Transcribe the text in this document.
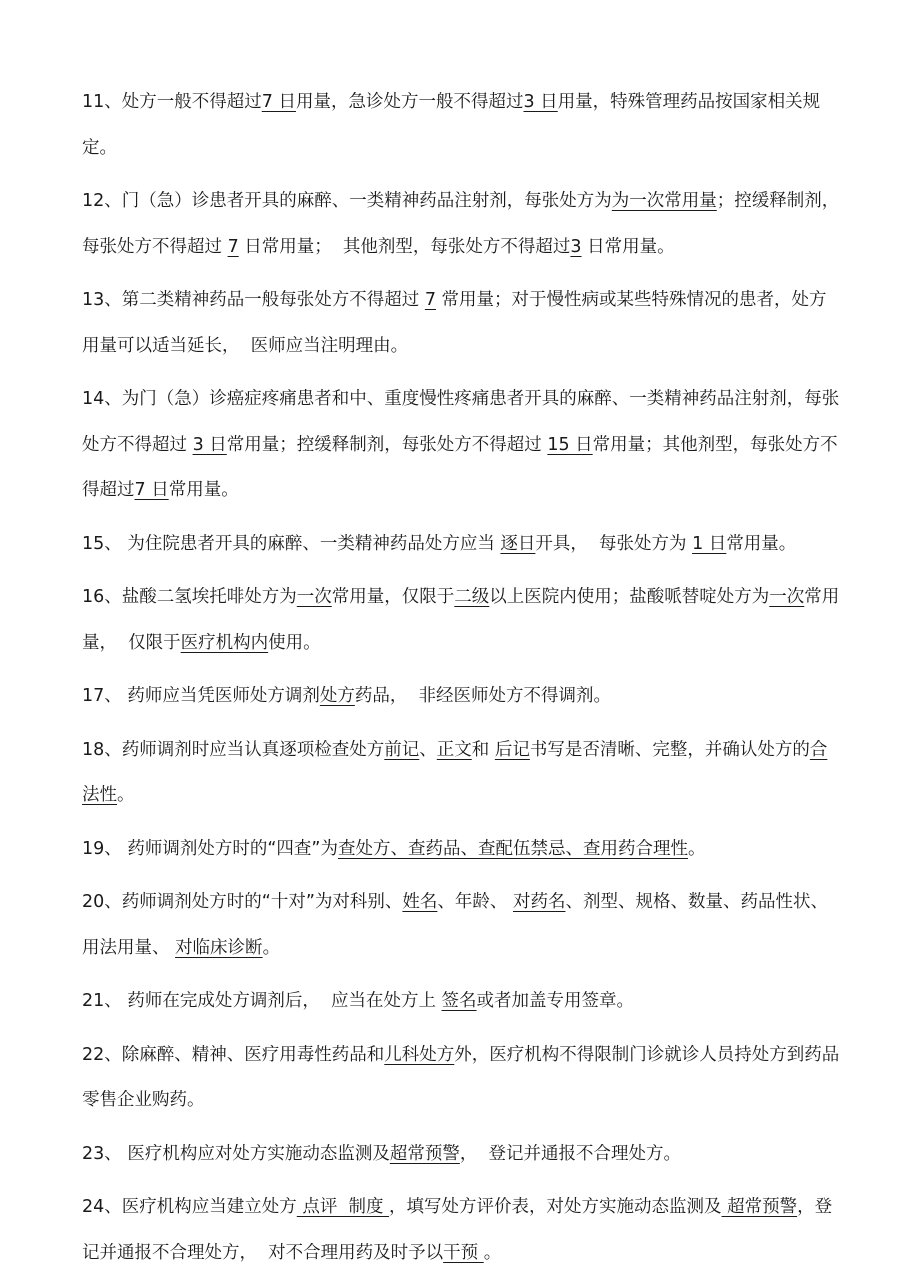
11、处方一般不得超过7 日用量，急诊处方一般不得超过3 日用量，特殊管理药品按国家相关规定。

12、门（急）诊患者开具的麻醉、一类精神药品注射剂，每张处方为为一次常用量；控缓释制剂，每张处方不得超过 7 日常用量；  其他剂型，每张处方不得超过3 日常用量。

13、第二类精神药品一般每张处方不得超过 7 常用量；对于慢性病或某些特殊情况的患者，处方用量可以适当延长，  医师应当注明理由。

14、为门（急）诊癌症疼痛患者和中、重度慢性疼痛患者开具的麻醉、一类精神药品注射剂，每张处方不得超过 3 日常用量；控缓释制剂，每张处方不得超过 15 日常用量；其他剂型，每张处方不得超过7 日常用量。

15、 为住院患者开具的麻醉、一类精神药品处方应当 逐日开具，  每张处方为 1 日常用量。

16、盐酸二氢埃托啡处方为一次常用量，仅限于二级以上医院内使用；盐酸哌替啶处方为一次常用量，  仅限于医疗机构内使用。

17、 药师应当凭医师处方调剂处方药品，  非经医师处方不得调剂。

18、药师调剂时应当认真逐项检查处方前记、正文和 后记书写是否清晰、完整，并确认处方的合法性。

19、 药师调剂处方时的“四查”为查处方、查药品、查配伍禁忌、查用药合理性。

20、药师调剂处方时的“十对”为对科别、姓名、年龄、 对药名、剂型、规格、数量、药品性状、用法用量、 对临床诊断。

21、 药师在完成处方调剂后，  应当在处方上 签名或者加盖专用签章。

22、除麻醉、精神、医疗用毒性药品和儿科处方外，医疗机构不得限制门诊就诊人员持处方到药品零售企业购药。

23、 医疗机构应对处方实施动态监测及超常预警，  登记并通报不合理处方。

24、医疗机构应当建立处方 点评  制度 ，填写处方评价表，对处方实施动态监测及 超常预警，登记并通报不合理处方，  对不合理用药及时予以干预 。
